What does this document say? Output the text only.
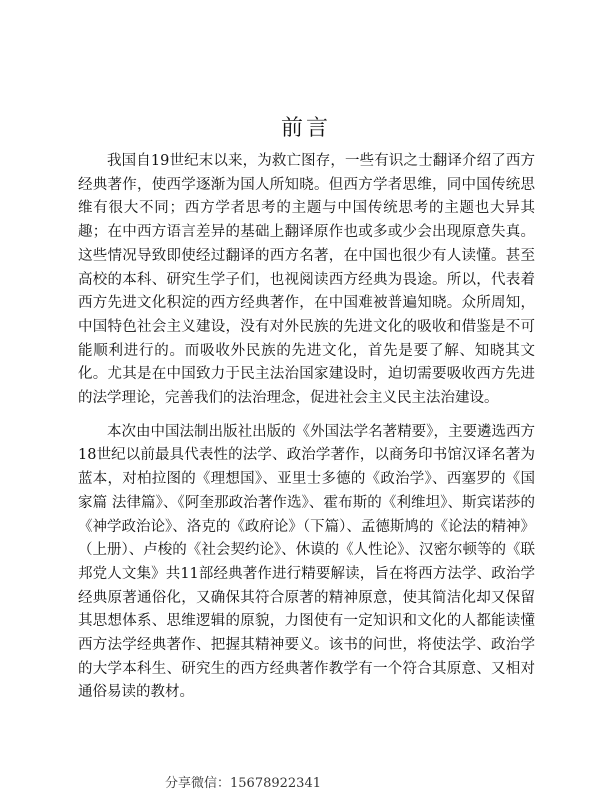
前言

我国自19世纪末以来，为救亡图存，一些有识之士翻译介绍了西方经典著作，使西学逐渐为国人所知晓。但西方学者思维，同中国传统思维有很大不同；西方学者思考的主题与中国传统思考的主题也大异其趣；在中西方语言差异的基础上翻译原作也或多或少会出现原意失真。这些情况导致即使经过翻译的西方名著，在中国也很少有人读懂。甚至高校的本科、研究生学子们，也视阅读西方经典为畏途。所以，代表着西方先进文化积淀的西方经典著作，在中国难被普遍知晓。众所周知，中国特色社会主义建设，没有对外民族的先进文化的吸收和借鉴是不可能顺利进行的。而吸收外民族的先进文化，首先是要了解、知晓其文化。尤其是在中国致力于民主法治国家建设时，迫切需要吸收西方先进的法学理论，完善我们的法治理念，促进社会主义民主法治建设。

本次由中国法制出版社出版的《外国法学名著精要》，主要遴选西方18世纪以前最具代表性的法学、政治学著作，以商务印书馆汉译名著为蓝本，对柏拉图的《理想国》、亚里士多德的《政治学》、西塞罗的《国家篇 法律篇》、《阿奎那政治著作选》、霍布斯的《利维坦》、斯宾诺莎的《神学政治论》、洛克的《政府论》（下篇）、孟德斯鸠的《论法的精神》（上册）、卢梭的《社会契约论》、休谟的《人性论》、汉密尔顿等的《联邦党人文集》共11部经典著作进行精要解读，旨在将西方法学、政治学经典原著通俗化，又确保其符合原著的精神原意，使其简洁化却又保留其思想体系、思维逻辑的原貌，力图使有一定知识和文化的人都能读懂西方法学经典著作、把握其精神要义。该书的问世，将使法学、政治学的大学本科生、研究生的西方经典著作教学有一个符合其原意、又相对通俗易读的教材。

分享微信：15678922341
